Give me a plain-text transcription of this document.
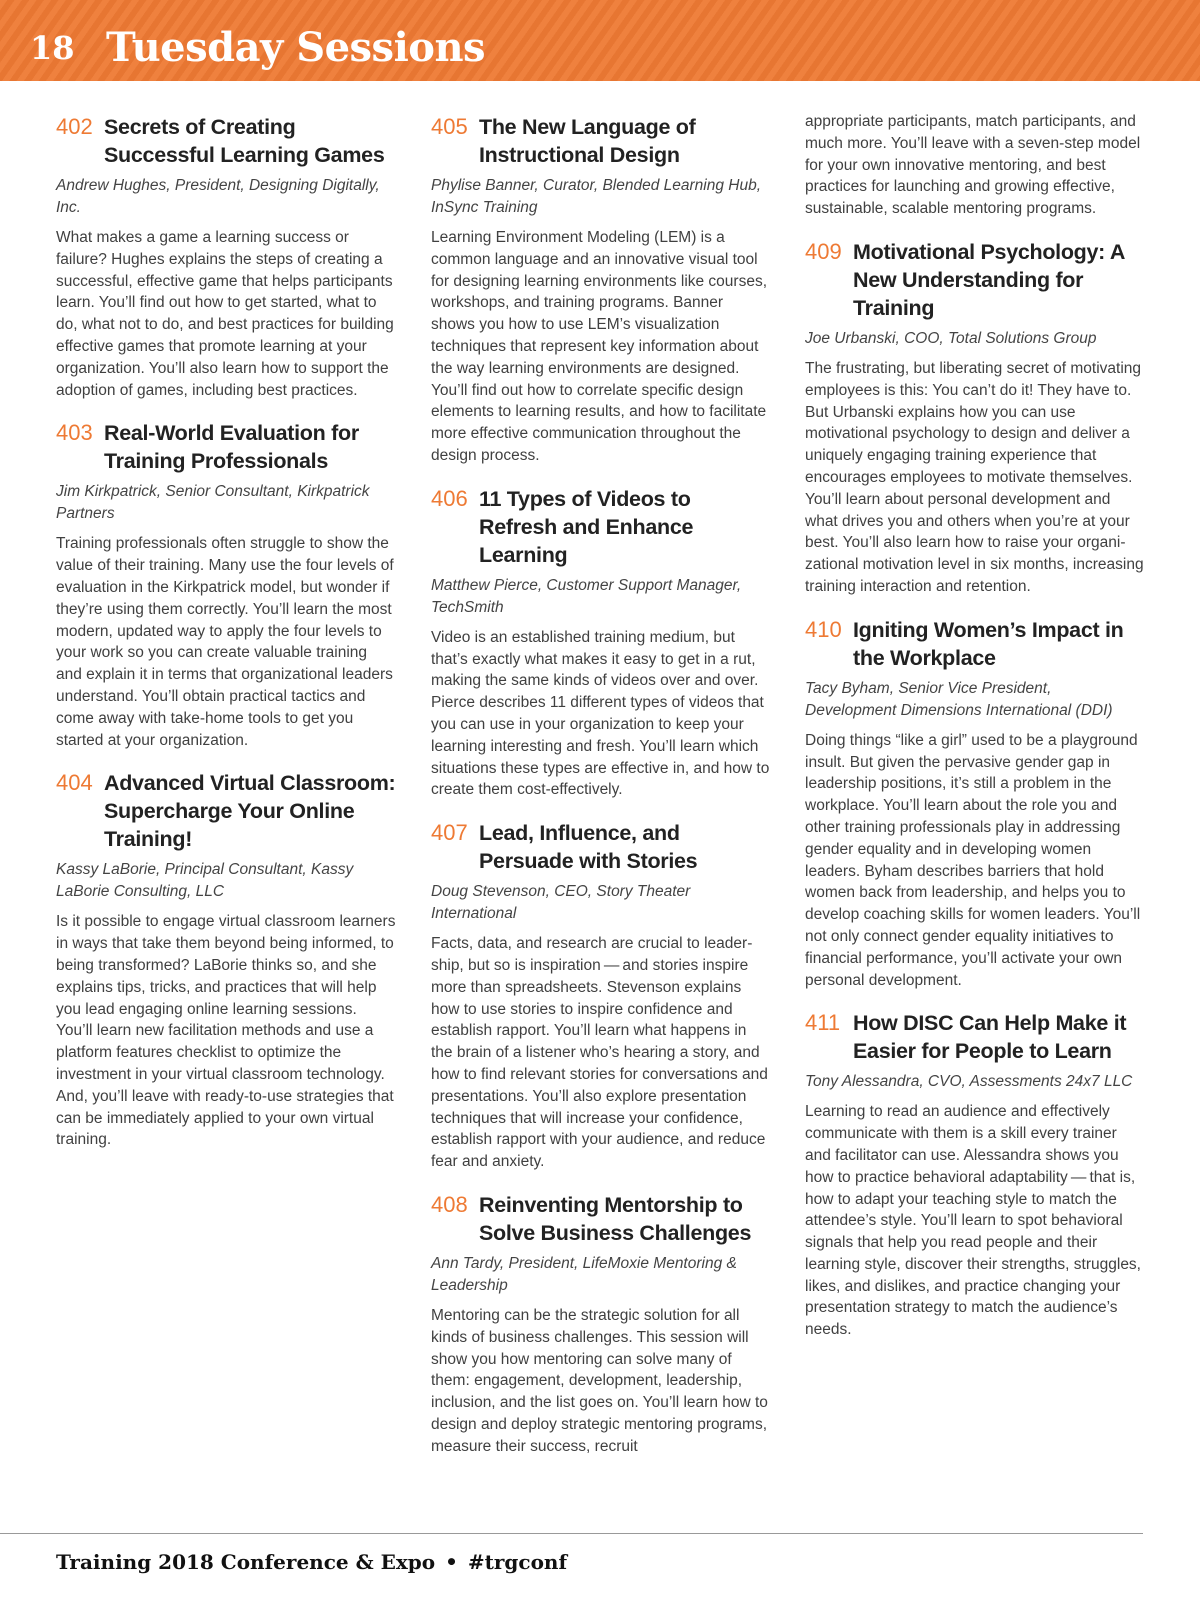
18 Tuesday Sessions
402 Secrets of Creating Successful Learning Games

Andrew Hughes, President, Designing Digitally, Inc.

What makes a game a learning success or failure? Hughes explains the steps of creating a successful, effective game that helps participants learn. You’ll find out how to get started, what to do, what not to do, and best practices for building effective games that promote learning at your organization. You’ll also learn how to support the adoption of games, including best practices.

403 Real-World Evaluation for Training Professionals

Jim Kirkpatrick, Senior Consultant, Kirkpatrick Partners

Training professionals often struggle to show the value of their training. Many use the four levels of evaluation in the Kirkpatrick model, but wonder if they’re using them correctly. You’ll learn the most modern, updated way to apply the four levels to your work so you can create valuable training and explain it in terms that organizational leaders understand. You’ll obtain practical tactics and come away with take-home tools to get you started at your organization.

404 Advanced Virtual Classroom: Supercharge Your Online Training!

Kassy LaBorie, Principal Consultant, Kassy LaBorie Consulting, LLC

Is it possible to engage virtual classroom learners in ways that take them beyond being informed, to being transformed? LaBorie thinks so, and she explains tips, tricks, and practices that will help you lead engaging online learning sessions. You’ll learn new facilitation methods and use a platform features checklist to optimize the investment in your virtual classroom technology. And, you’ll leave with ready-to-use strategies that can be immediately applied to your own virtual training.

405 The New Language of Instructional Design

Phylise Banner, Curator, Blended Learning Hub, InSync Training

Learning Environment Modeling (LEM) is a common language and an innovative visual tool for designing learning environments like courses, workshops, and training programs. Banner shows you how to use LEM’s visualization techniques that represent key information about the way learning environments are designed. You’ll find out how to correlate specific design elements to learning results, and how to facilitate more effective communication throughout the design process.

406 11 Types of Videos to Refresh and Enhance Learning

Matthew Pierce, Customer Support Manager, TechSmith

Video is an established training medium, but that’s exactly what makes it easy to get in a rut, making the same kinds of videos over and over. Pierce describes 11 different types of videos that you can use in your organization to keep your learning interesting and fresh. You’ll learn which situations these types are effective in, and how to create them cost-effectively.

407 Lead, Influence, and Persuade with Stories

Doug Stevenson, CEO, Story Theater International

Facts, data, and research are crucial to leadership, but so is inspiration — and stories inspire more than spreadsheets. Stevenson explains how to use stories to inspire confidence and establish rapport. You’ll learn what happens in the brain of a listener who’s hearing a story, and how to find relevant stories for conversations and presentations. You’ll also explore presentation techniques that will increase your confidence, establish rapport with your audience, and reduce fear and anxiety.

408 Reinventing Mentorship to Solve Business Challenges

Ann Tardy, President, LifeMoxie Mentoring & Leadership

Mentoring can be the strategic solution for all kinds of business challenges. This session will show you how mentoring can solve many of them: engagement, development, leadership, inclusion, and the list goes on. You’ll learn how to design and deploy strategic mentoring programs, measure their success, recruit

appropriate participants, match participants, and much more. You’ll leave with a seven-step model for your own innovative mentoring, and best practices for launching and growing effective, sustainable, scalable mentoring programs.

409 Motivational Psychology: A New Understanding for Training

Joe Urbanski, COO, Total Solutions Group

The frustrating, but liberating secret of motivating employees is this: You can’t do it! They have to. But Urbanski explains how you can use motivational psychology to design and deliver a uniquely engaging training experience that encourages employees to motivate themselves. You’ll learn about personal development and what drives you and others when you’re at your best. You’ll also learn how to raise your organizational motivation level in six months, increasing training interaction and retention.

410 Igniting Women’s Impact in the Workplace

Tacy Byham, Senior Vice President, Development Dimensions International (DDI)

Doing things “like a girl” used to be a playground insult. But given the pervasive gender gap in leadership positions, it’s still a problem in the workplace. You’ll learn about the role you and other training professionals play in addressing gender equality and in developing women leaders. Byham describes barriers that hold women back from leadership, and helps you to develop coaching skills for women leaders. You’ll not only connect gender equality initiatives to financial performance, you’ll activate your own personal development.

411 How DISC Can Help Make it Easier for People to Learn

Tony Alessandra, CVO, Assessments 24x7 LLC

Learning to read an audience and effectively communicate with them is a skill every trainer and facilitator can use. Alessandra shows you how to practice behavioral adaptability — that is, how to adapt your teaching style to match the attendee’s style. You’ll learn to spot behavioral signals that help you read people and their learning style, discover their strengths, struggles, likes, and dislikes, and practice changing your presentation strategy to match the audience’s needs.

Training 2018 Conference & Expo • #trgconf
